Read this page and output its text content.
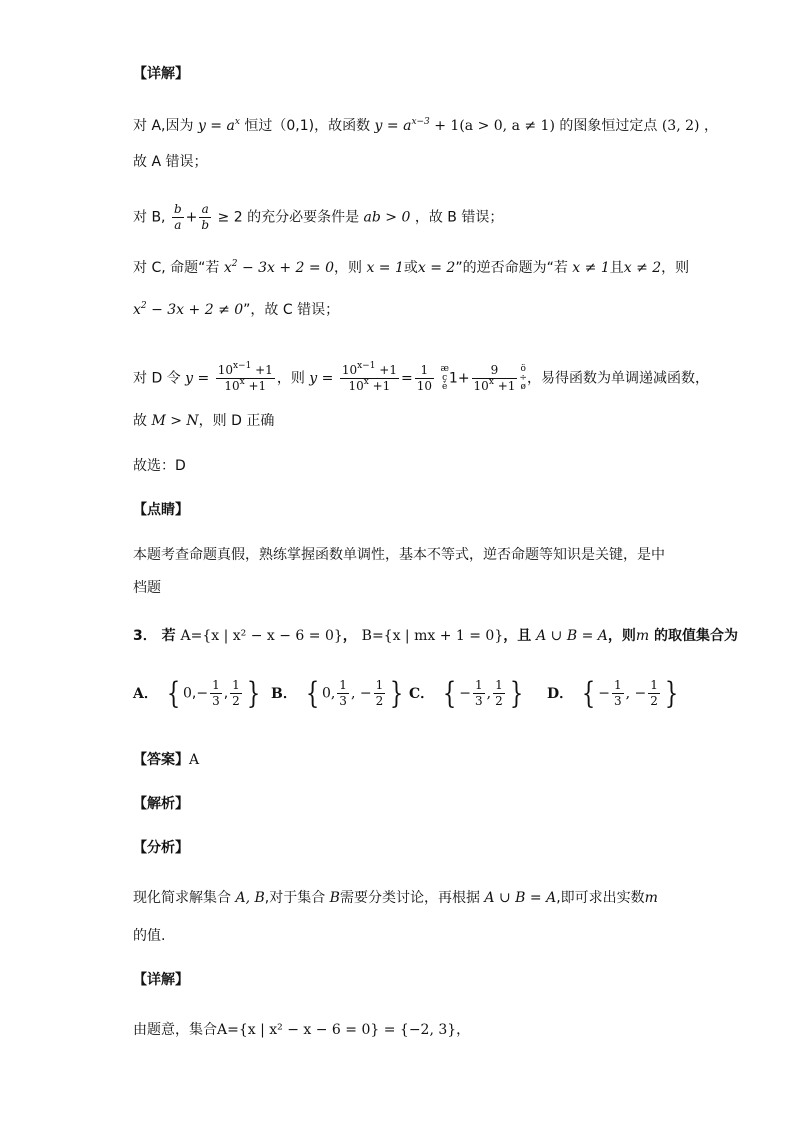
【详解】
对 A,因为 $y = a^x$ 恒过（0,1)，故函数 $y = a^{x-3} + 1(a > 0$, a ≠ 1) 的图象恒过定点 (3, 2) ，
故 A 错误；
对 B, $\frac{b}{a} + \frac{a}{b} \ge 2$ 的充分必要条件是 ab > 0 ，故 B 错误；
对 C, 命题“若 $x^2 - 3x + 2 = 0$，则 x = 1或x = 2”的逆否命题为“若 x ≠ 1且x ≠ 2，则
$x^2 - 3x + 2 \ne 0$”，故 C 错误；
对 D 令 $y = \frac{10^{x-1} +1}{10^x +1}$ ，则 $y = \frac{10^{x-1} +1}{10^x +1} = \frac{1}{10}$ æ
ç
è1+ $\frac{9}{10^x +1}$ ö
÷
ø，易得函数为单调递减函数，
故 M > N，则 D 正确
故选：D
【点睛】
本题考查命题真假，熟练掌握函数单调性，基本不等式，逆否命题等知识是关键，是中
档题
3． 若 A={x | x² − x − 6 = 0}， B={x | mx + 1 = 0}，且 A ∪ B = A，则m 的取值集合为
A． { $0,- \frac{1}{3}$ , $\frac{1}{2}$ } B． { 0, $\frac{1}{3}$ , − $\frac{1}{2}$ } C． { − $\frac{1}{3}$ , $\frac{1}{2}$ } D． { − $\frac{1}{3}$ , − $\frac{1}{2}$ }
【答案】A
【解析】
【分析】
现化简求解集合 A, B,对于集合 B需要分类讨论，再根据 A ∪ B = A,即可求出实数m
的值.
【详解】
由题意，集合A={x | x² − x − 6 = 0} = {−2, 3}，
